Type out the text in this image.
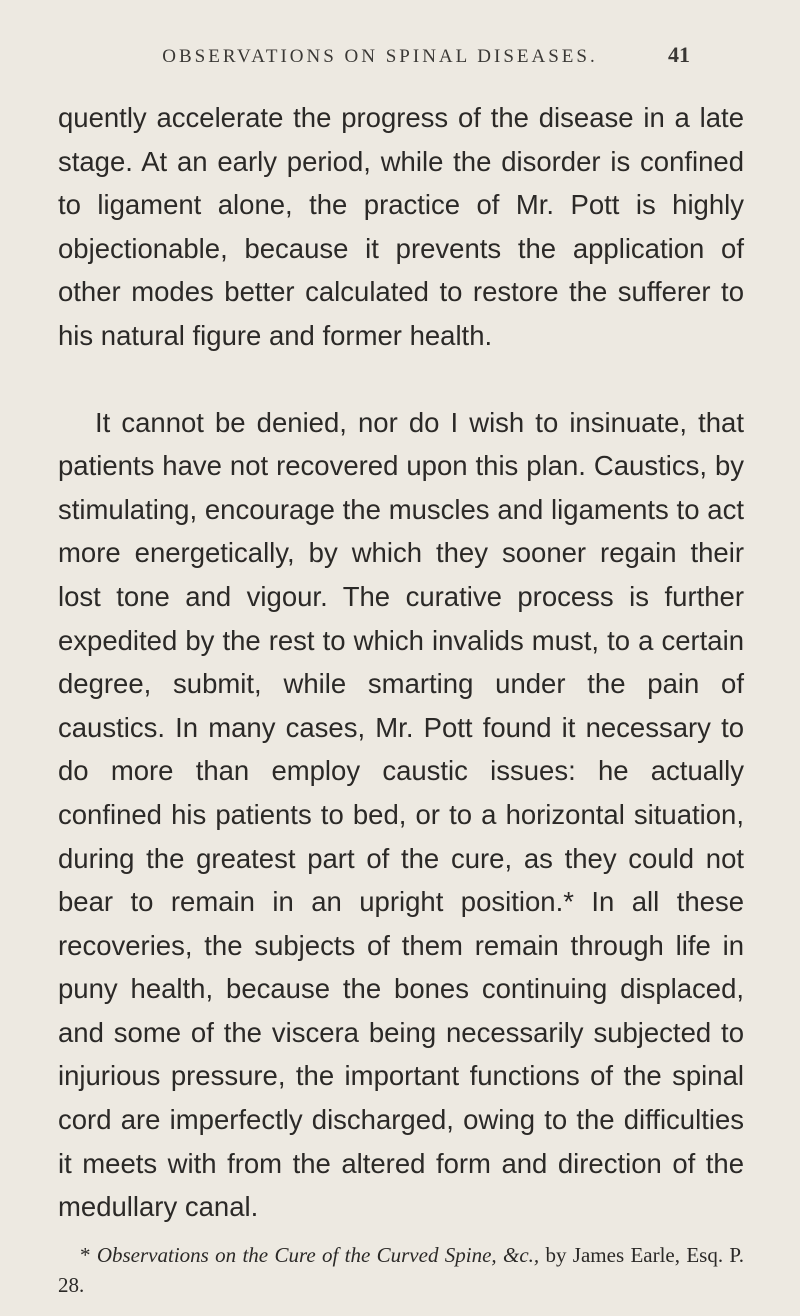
OBSERVATIONS ON SPINAL DISEASES.	41

quently accelerate the progress of the disease in a late stage. At an early period, while the disorder is confined to ligament alone, the practice of Mr. Pott is highly objectionable, because it prevents the application of other modes better calculated to restore the sufferer to his natural figure and former health.

It cannot be denied, nor do I wish to insinuate, that patients have not recovered upon this plan. Caustics, by stimulating, encourage the muscles and ligaments to act more energetically, by which they sooner regain their lost tone and vigour. The curative process is further expedited by the rest to which invalids must, to a certain degree, submit, while smarting under the pain of caustics. In many cases, Mr. Pott found it necessary to do more than employ caustic issues: he actually confined his patients to bed, or to a horizontal situation, during the greatest part of the cure, as they could not bear to remain in an upright position.* In all these recoveries, the subjects of them remain through life in puny health, because the bones continuing displaced, and some of the viscera being necessarily subjected to injurious pressure, the important functions of the spinal cord are imperfectly discharged, owing to the difficulties it meets with from the altered form and direction of the medullary canal.

* Observations on the Cure of the Curved Spine, &c., by James Earle, Esq. P. 28.
